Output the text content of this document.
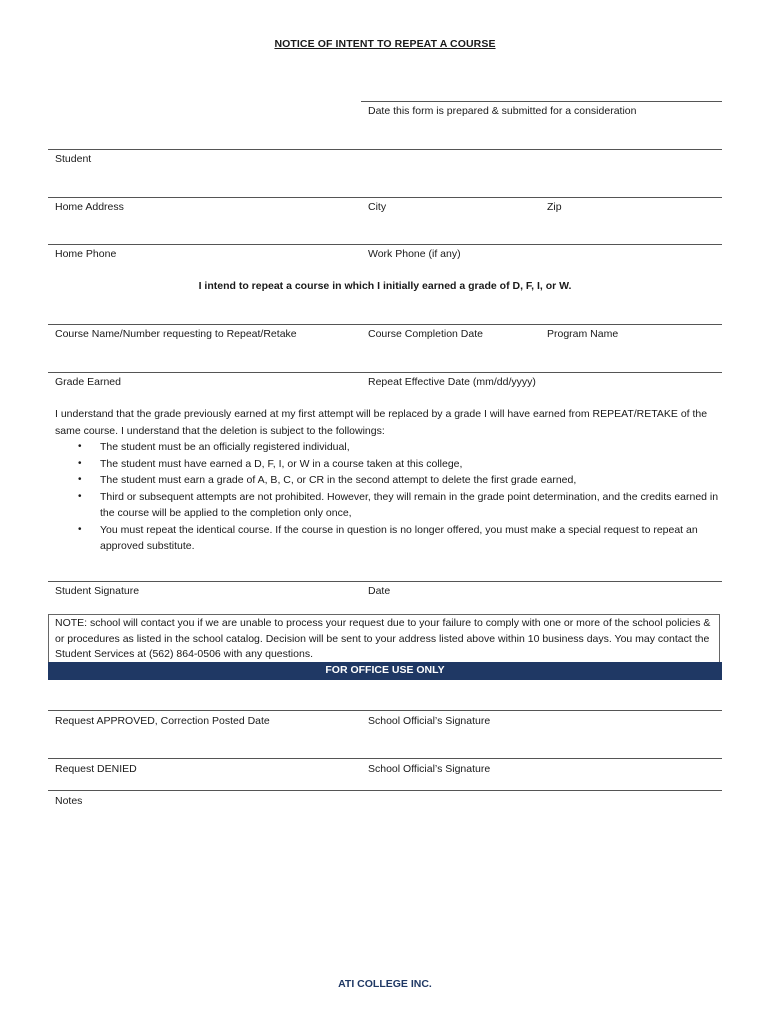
NOTICE OF INTENT TO REPEAT A COURSE
Date this form is prepared & submitted for a consideration
Student
Home Address	City	Zip
Home Phone	Work Phone (if any)
I intend to repeat a course in which I initially earned a grade of D, F, I, or W.
Course Name/Number requesting to Repeat/Retake	Course Completion Date	Program Name
Grade Earned	Repeat Effective Date (mm/dd/yyyy)

I understand that the grade previously earned at my first attempt will be replaced by a grade I will have earned from REPEAT/RETAKE of the same course. I understand that the deletion is subject to the followings:

• The student must be an officially registered individual,
• The student must have earned a D, F, I, or W in a course taken at this college,
• The student must earn a grade of A, B, C, or CR in the second attempt to delete the first grade earned,
• Third or subsequent attempts are not prohibited. However, they will remain in the grade point determination, and the credits earned in the course will be applied to the completion only once,
• You must repeat the identical course. If the course in question is no longer offered, you must make a special request to repeat an approved substitute.
Student Signature	Date
NOTE: school will contact you if we are unable to process your request due to your failure to comply with one or more of the school policies & or procedures as listed in the school catalog. Decision will be sent to your address listed above within 10 business days. You may contact the Student Services at (562) 864-0506 with any questions.
FOR OFFICE USE ONLY
Request APPROVED, Correction Posted Date	School Official’s Signature
Request DENIED	School Official’s Signature
Notes
ATI COLLEGE INC.
